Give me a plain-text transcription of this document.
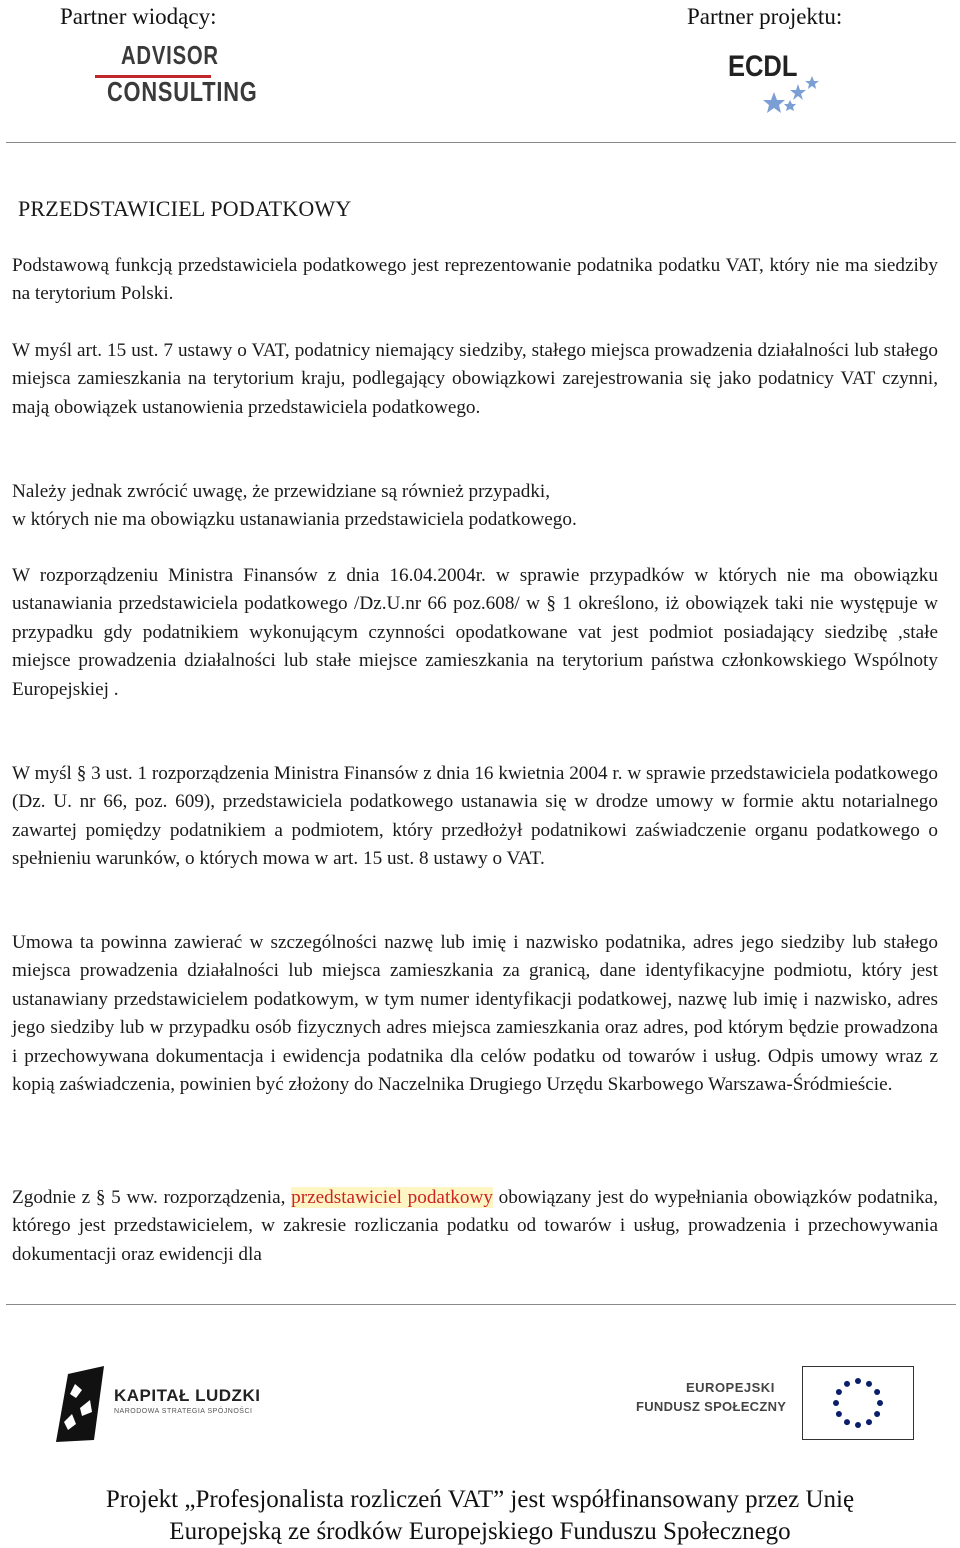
Partner wiodący:	Partner projektu:
ADVISOR
CONSULTING
ECDL
PRZEDSTAWICIEL PODATKOWY
Podstawową funkcją przedstawiciela podatkowego jest reprezentowanie podatnika podatku VAT, który nie ma siedziby na terytorium Polski.
W myśl art. 15 ust. 7 ustawy o VAT, podatnicy niemający siedziby, stałego miejsca prowadzenia działalności lub stałego miejsca zamieszkania na terytorium kraju, podlegający obowiązkowi zarejestrowania się jako podatnicy VAT czynni, mają obowiązek ustanowienia przedstawiciela podatkowego.
Należy jednak zwrócić uwagę, że przewidziane są również przypadki,
w których nie ma obowiązku ustanawiania przedstawiciela podatkowego.
W rozporządzeniu Ministra Finansów z dnia 16.04.2004r. w sprawie przypadków w których nie ma obowiązku ustanawiania przedstawiciela podatkowego /Dz.U.nr 66 poz.608/ w § 1 określono, iż obowiązek taki nie występuje w przypadku gdy podatnikiem wykonującym czynności opodatkowane vat jest podmiot posiadający siedzibę ,stałe miejsce prowadzenia działalności lub stałe miejsce zamieszkania na terytorium państwa członkowskiego Wspólnoty Europejskiej .
W myśl § 3 ust. 1 rozporządzenia Ministra Finansów z dnia 16 kwietnia 2004 r. w sprawie przedstawiciela podatkowego (Dz. U. nr 66, poz. 609), przedstawiciela podatkowego ustanawia się w drodze umowy w formie aktu notarialnego zawartej pomiędzy podatnikiem a podmiotem, który przedłożył podatnikowi zaświadczenie organu podatkowego o spełnieniu warunków, o których mowa w art. 15 ust. 8 ustawy o VAT.
Umowa ta powinna zawierać w szczególności nazwę lub imię i nazwisko podatnika, adres jego siedziby lub stałego miejsca prowadzenia działalności lub miejsca zamieszkania za granicą, dane identyfikacyjne podmiotu, który jest ustanawiany przedstawicielem podatkowym, w tym numer identyfikacji podatkowej, nazwę lub imię i nazwisko, adres jego siedziby lub w przypadku osób fizycznych adres miejsca zamieszkania oraz adres, pod którym będzie prowadzona i przechowywana dokumentacja i ewidencja podatnika dla celów podatku od towarów i usług. Odpis umowy wraz z kopią zaświadczenia, powinien być złożony do Naczelnika Drugiego Urzędu Skarbowego Warszawa-Śródmieście.
Zgodnie z § 5 ww. rozporządzenia, przedstawiciel podatkowy obowiązany jest do wypełniania obowiązków podatnika, którego jest przedstawicielem, w zakresie rozliczania podatku od towarów i usług, prowadzenia i przechowywania dokumentacji oraz ewidencji dla
KAPITAŁ LUDZKI
NARODOWA STRATEGIA SPÓJNOŚCI
EUROPEJSKI
FUNDUSZ SPOŁECZNY
Projekt „Profesjonalista rozliczeń VAT” jest współfinansowany przez Unię
Europejską ze środków Europejskiego Funduszu Społecznego
